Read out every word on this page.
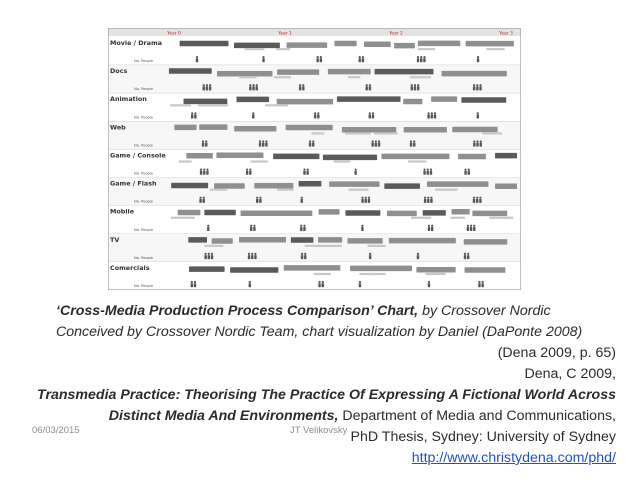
Year 0	Year 1	Year 2	Year 3
Movie / Drama
No. People
Docs
No. People
Animation
No. People
Web
No. People
Game / Console
No. People
Game / Flash
No. People
Mobile
No. People
TV
No. People
Comercials
No. People
‘Cross-Media Production Process Comparison’ Chart, by Crossover Nordic
Conceived by Crossover Nordic Team, chart visualization by Daniel (DaPonte 2008)
(Dena 2009, p. 65)
Dena, C 2009,
Transmedia Practice: Theorising The Practice Of Expressing A Fictional World Across
Distinct Media And Environments, Department of Media and Communications,
PhD Thesis, Sydney: University of Sydney
http://www.christydena.com/phd/
06/03/2015	JT Velikovsky
